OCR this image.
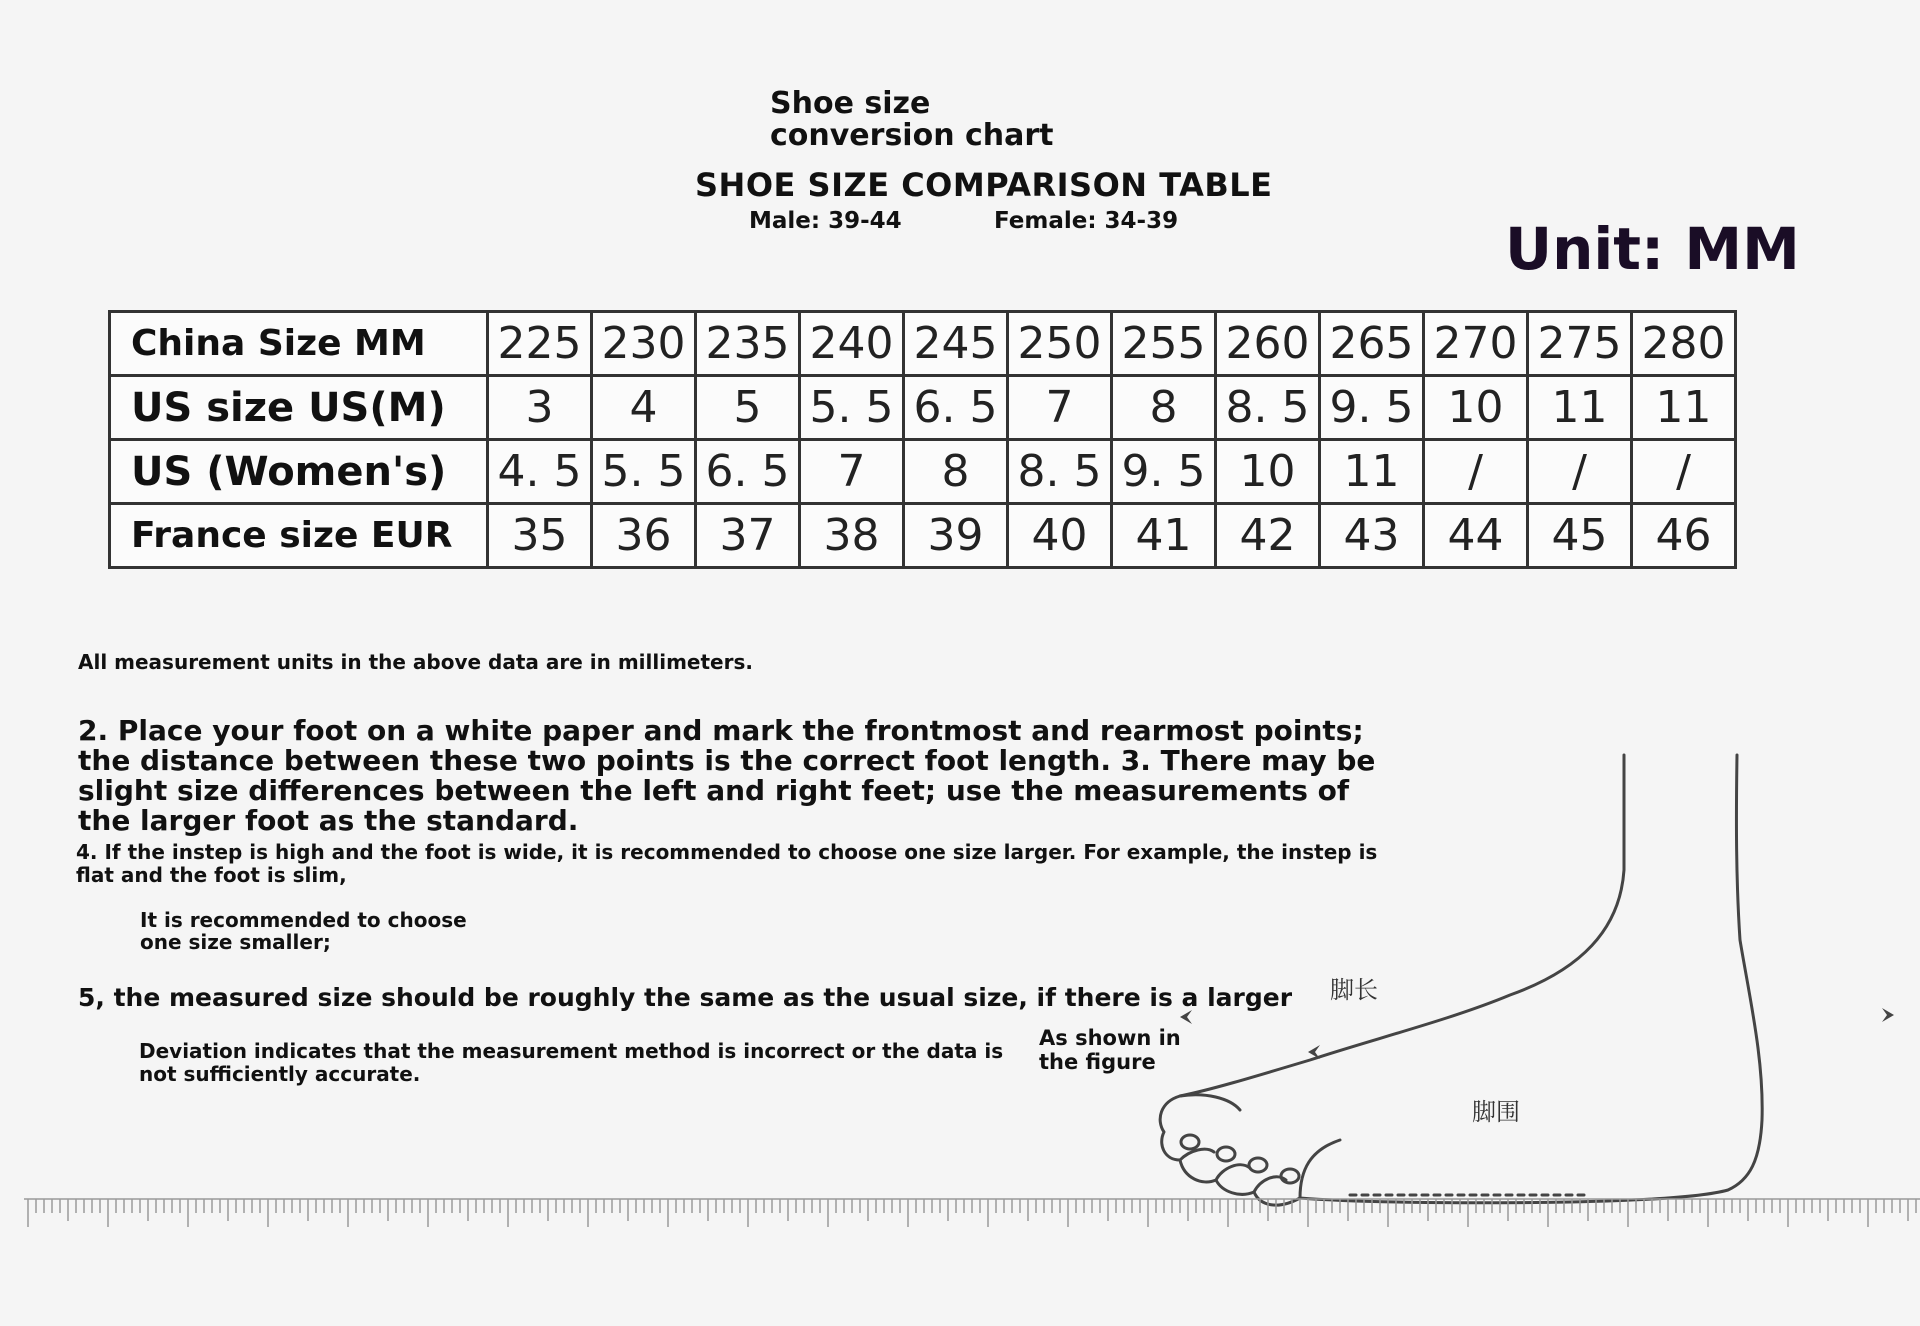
Shoe size conversion chart
SHOE SIZE COMPARISON TABLE
Male: 39-44	Female: 34-39	Unit: MM
China Size MM	225	230	235	240	245	250	255	260	265	270	275	280
US size US(M)	3	4	5	5. 5	6. 5	7	8	8. 5	9. 5	10	11	11
US (Women's)	4. 5	5. 5	6. 5	7	8	8. 5	9. 5	10	11	/	/	/
France size EUR	35	36	37	38	39	40	41	42	43	44	45	46
All measurement units in the above data are in millimeters.
2. Place your foot on a white paper and mark the frontmost and rearmost points; the distance between these two points is the correct foot length. 3. There may be slight size differences between the left and right feet; use the measurements of the larger foot as the standard.
4. If the instep is high and the foot is wide, it is recommended to choose one size larger. For example, the instep is flat and the foot is slim,
It is recommended to choose one size smaller;
5, the measured size should be roughly the same as the usual size, if there is a larger
Deviation indicates that the measurement method is incorrect or the data is not sufficiently accurate.
As shown in the figure
脚长
脚围
